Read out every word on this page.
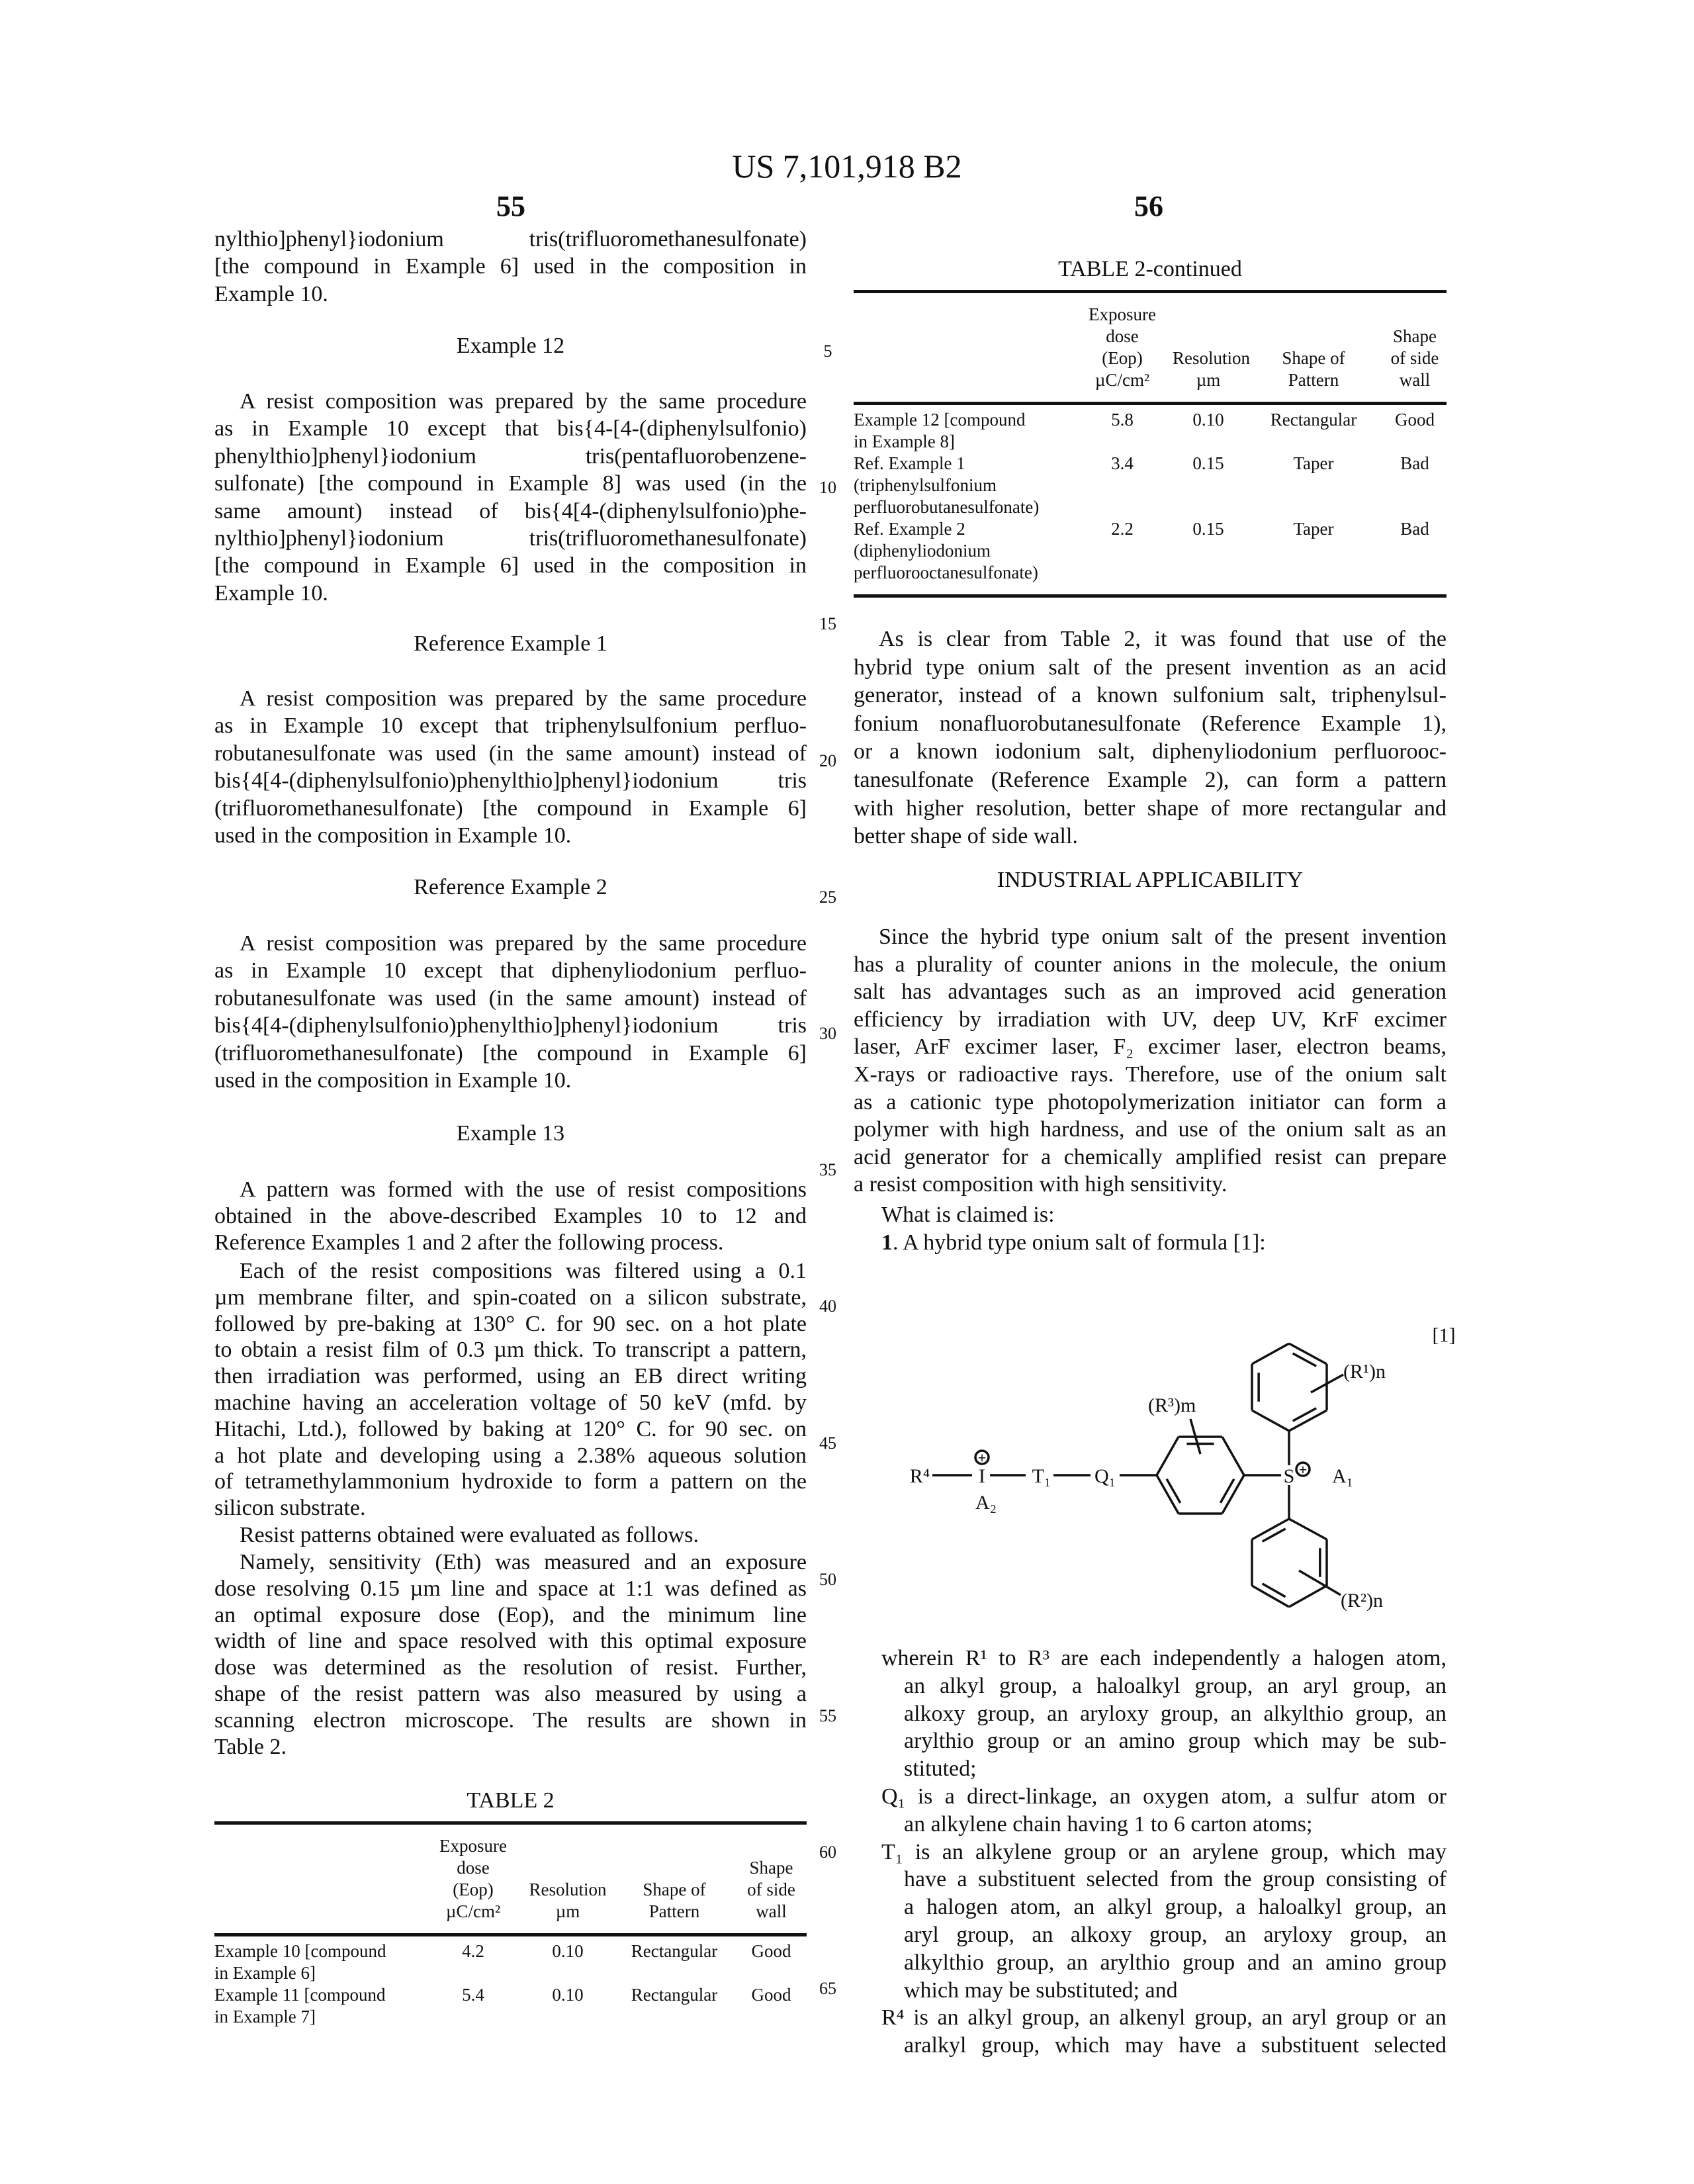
US 7,101,918 B2
55	56
nylthio]phenyl}iodonium tris(trifluoromethanesulfonate)
[the compound in Example 6] used in the composition in
Example 10.
Example 12
A resist composition was prepared by the same procedure
as in Example 10 except that bis{4-[4-(diphenylsulfonio)
phenylthio]phenyl}iodonium tris(pentafluorobenzene-
sulfonate) [the compound in Example 8] was used (in the
same amount) instead of bis{4[4-(diphenylsulfonio)phe-
nylthio]phenyl}iodonium tris(trifluoromethanesulfonate)
[the compound in Example 6] used in the composition in
Example 10.
Reference Example 1
A resist composition was prepared by the same procedure
as in Example 10 except that triphenylsulfonium perfluo-
robutanesulfonate was used (in the same amount) instead of
bis{4[4-(diphenylsulfonio)phenylthio]phenyl}iodonium tris
(trifluoromethanesulfonate) [the compound in Example 6]
used in the composition in Example 10.
Reference Example 2
A resist composition was prepared by the same procedure
as in Example 10 except that diphenyliodonium perfluo-
robutanesulfonate was used (in the same amount) instead of
bis{4[4-(diphenylsulfonio)phenylthio]phenyl}iodonium tris
(trifluoromethanesulfonate) [the compound in Example 6]
used in the composition in Example 10.
Example 13
A pattern was formed with the use of resist compositions
obtained in the above-described Examples 10 to 12 and
Reference Examples 1 and 2 after the following process.
Each of the resist compositions was filtered using a 0.1
µm membrane filter, and spin-coated on a silicon substrate,
followed by pre-baking at 130° C. for 90 sec. on a hot plate
to obtain a resist film of 0.3 µm thick. To transcript a pattern,
then irradiation was performed, using an EB direct writing
machine having an acceleration voltage of 50 keV (mfd. by
Hitachi, Ltd.), followed by baking at 120° C. for 90 sec. on
a hot plate and developing using a 2.38% aqueous solution
of tetramethylammonium hydroxide to form a pattern on the
silicon substrate.
Resist patterns obtained were evaluated as follows.
Namely, sensitivity (Eth) was measured and an exposure
dose resolving 0.15 µm line and space at 1:1 was defined as
an optimal exposure dose (Eop), and the minimum line
width of line and space resolved with this optimal exposure
dose was determined as the resolution of resist. Further,
shape of the resist pattern was also measured by using a
scanning electron microscope. The results are shown in
Table 2.
TABLE 2
Exposure
dose
(Eop)
µC/cm²
Resolution
µm
Shape of
Pattern
Shape
of side
wall
Example 10 [compound
in Example 6]
4.2	0.10	Rectangular	Good
Example 11 [compound
in Example 7]
5.4	0.10	Rectangular	Good
5
10
15
20
25
30
35
40
45
50
55
60
65
TABLE 2-continued
Exposure
dose
(Eop)
µC/cm²
Resolution
µm
Shape of
Pattern
Shape
of side
wall
Example 12 [compound
in Example 8]
5.8	0.10	Rectangular	Good
Ref. Example 1
(triphenylsulfonium
perfluorobutanesulfonate)
3.4	0.15	Taper	Bad
Ref. Example 2
(diphenyliodonium
perfluorooctanesulfonate)
2.2	0.15	Taper	Bad
As is clear from Table 2, it was found that use of the
hybrid type onium salt of the present invention as an acid
generator, instead of a known sulfonium salt, triphenylsul-
fonium nonafluorobutanesulfonate (Reference Example 1),
or a known iodonium salt, diphenyliodonium perfluorooc-
tanesulfonate (Reference Example 2), can form a pattern
with higher resolution, better shape of more rectangular and
better shape of side wall.
INDUSTRIAL APPLICABILITY
Since the hybrid type onium salt of the present invention
has a plurality of counter anions in the molecule, the onium
salt has advantages such as an improved acid generation
efficiency by irradiation with UV, deep UV, KrF excimer
laser, ArF excimer laser, F₂ excimer laser, electron beams,
X-rays or radioactive rays. Therefore, use of the onium salt
as a cationic type photopolymerization initiator can form a
polymer with high hardness, and use of the onium salt as an
acid generator for a chemically amplified resist can prepare
a resist composition with high sensitivity.
What is claimed is:
1. A hybrid type onium salt of formula [1]:
[1]
R⁴ I
+
A₂
T₁ Q₁	S + A₁
(R¹)n
(R³)m
(R²)n
wherein R¹ to R³ are each independently a halogen atom,
an alkyl group, a haloalkyl group, an aryl group, an
alkoxy group, an aryloxy group, an alkylthio group, an
arylthio group or an amino group which may be sub-
stituted;
Q₁ is a direct-linkage, an oxygen atom, a sulfur atom or
an alkylene chain having 1 to 6 carton atoms;
T₁ is an alkylene group or an arylene group, which may
have a substituent selected from the group consisting of
a halogen atom, an alkyl group, a haloalkyl group, an
aryl group, an alkoxy group, an aryloxy group, an
alkylthio group, an arylthio group and an amino group
which may be substituted; and
R⁴ is an alkyl group, an alkenyl group, an aryl group or an
aralkyl group, which may have a substituent selected
